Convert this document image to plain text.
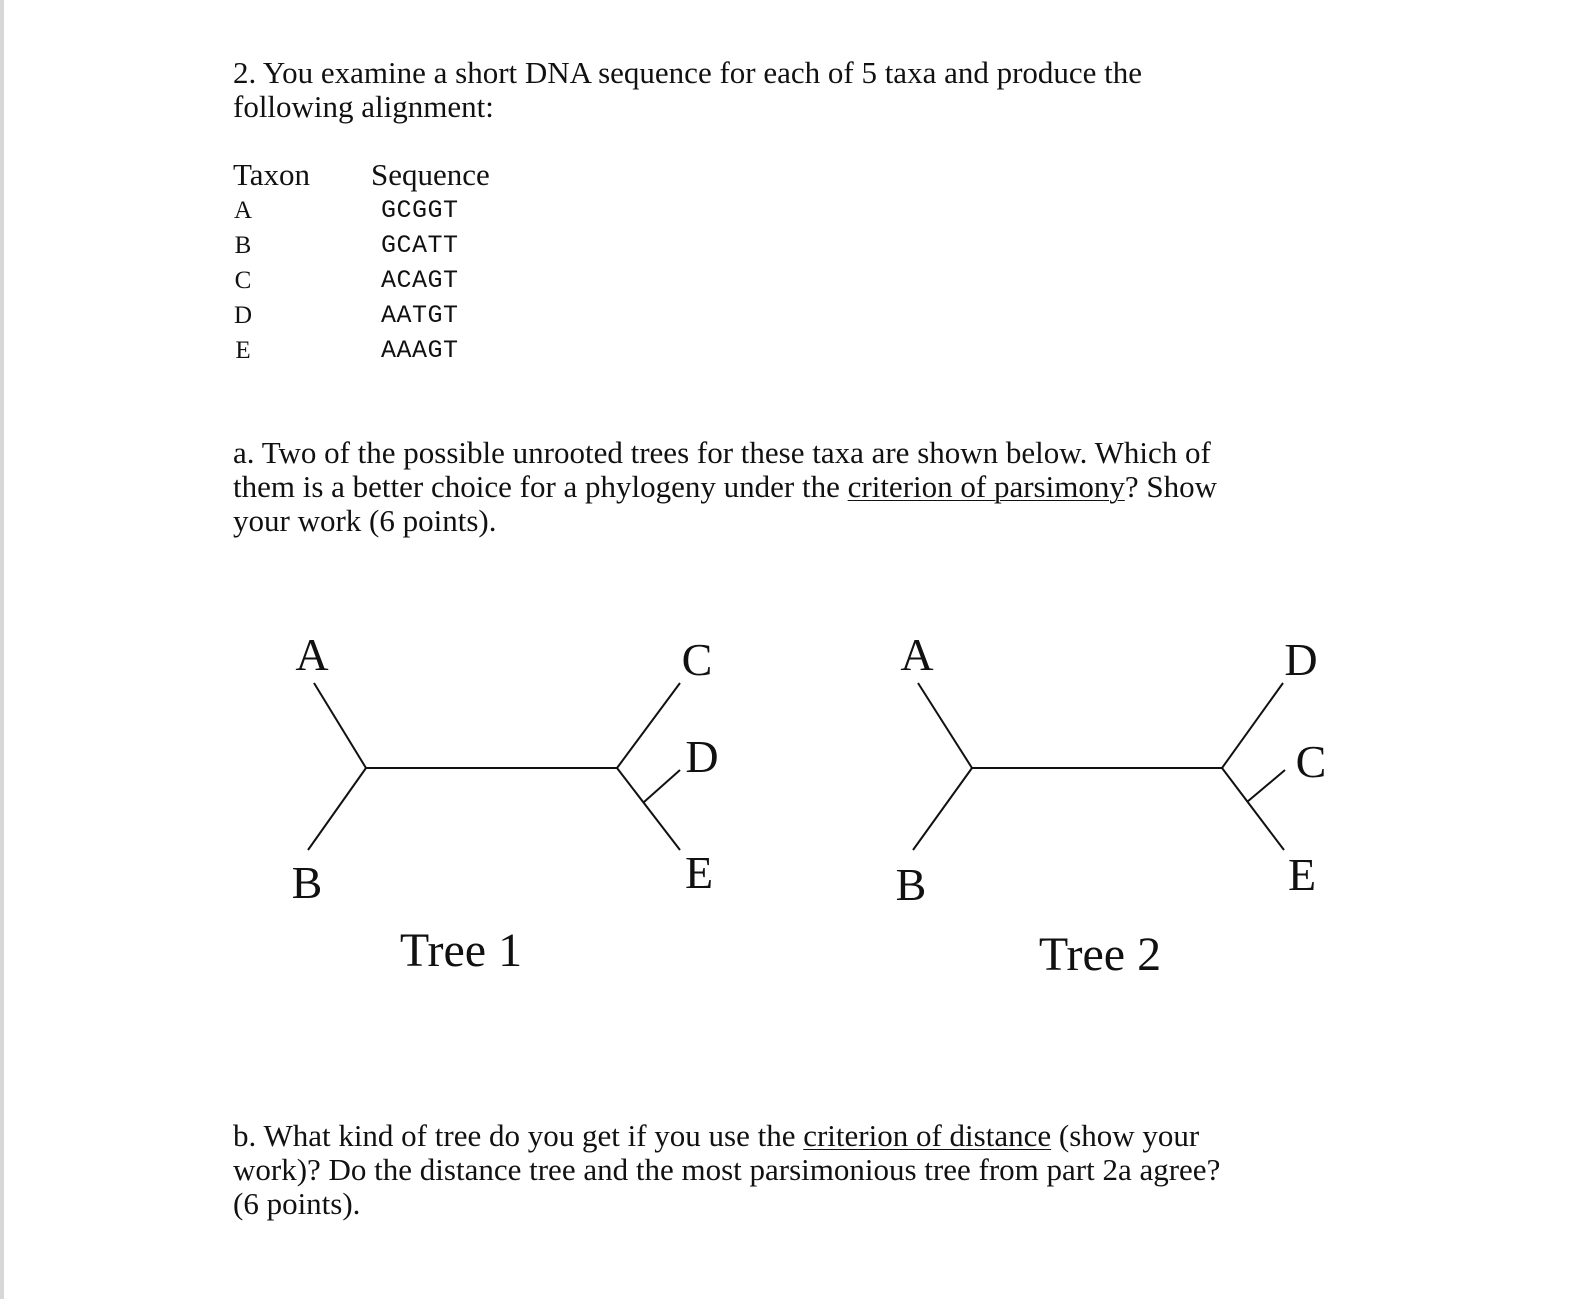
2. You examine a short DNA sequence for each of 5 taxa and produce the
following alignment:
Taxon Sequence
A	GCGGT
B	GCATT
C	ACAGT
D	AATGT
E	AAAGT
a. Two of the possible unrooted trees for these taxa are shown below. Which of
them is a better choice for a phylogeny under the criterion of parsimony? Show
your work (6 points).
A
B
C
D
E
Tree 1
A
B
D
C
E
Tree 2
b. What kind of tree do you get if you use the criterion of distance (show your
work)? Do the distance tree and the most parsimonious tree from part 2a agree?
(6 points).
